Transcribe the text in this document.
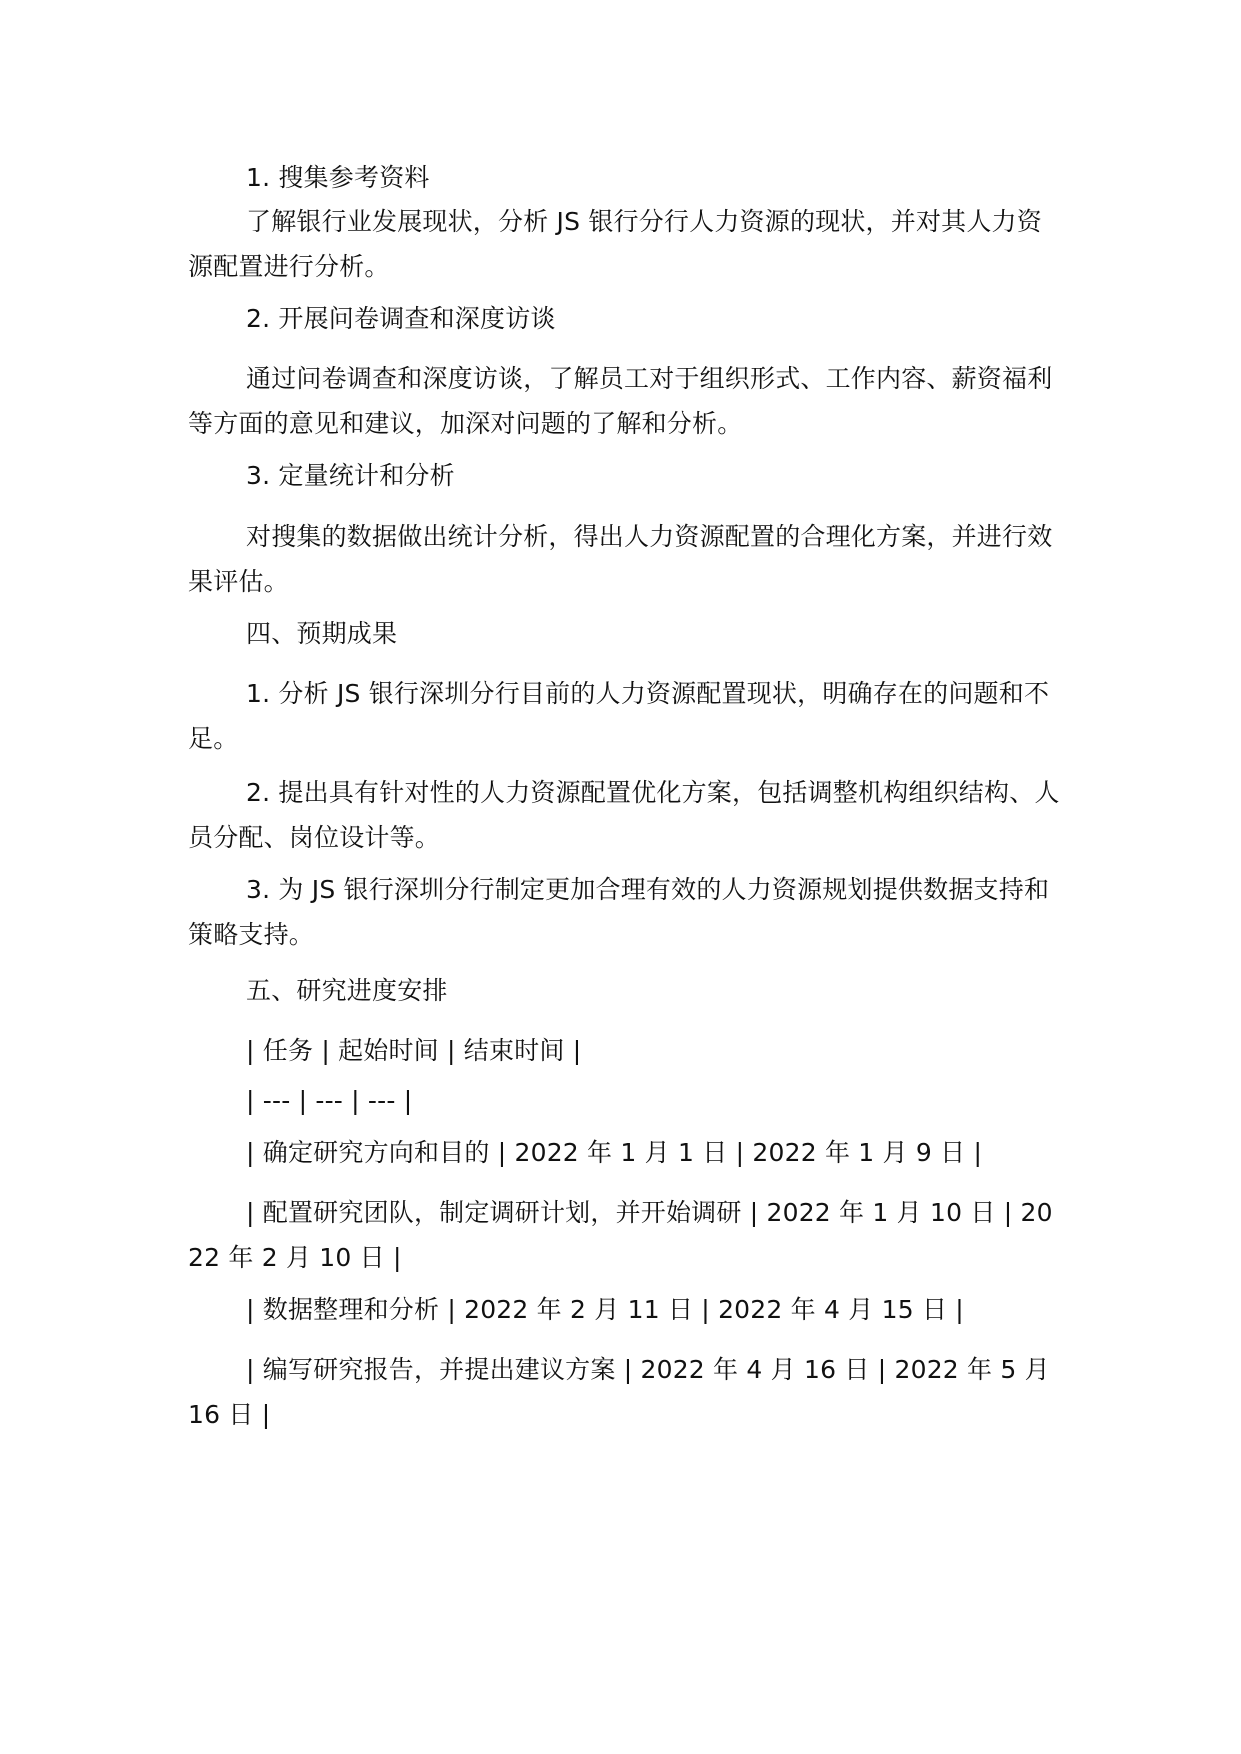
1. 搜集参考资料

了解银行业发展现状，分析 JS 银行分行人力资源的现状，并对其人力资源配置进行分析。

2. 开展问卷调查和深度访谈

通过问卷调查和深度访谈，了解员工对于组织形式、工作内容、薪资福利等方面的意见和建议，加深对问题的了解和分析。

3. 定量统计和分析

对搜集的数据做出统计分析，得出人力资源配置的合理化方案，并进行效果评估。

四、预期成果

1. 分析 JS 银行深圳分行目前的人力资源配置现状，明确存在的问题和不足。

2. 提出具有针对性的人力资源配置优化方案，包括调整机构组织结构、人员分配、岗位设计等。

3. 为 JS 银行深圳分行制定更加合理有效的人力资源规划提供数据支持和策略支持。

五、研究进度安排

| 任务 | 起始时间 | 结束时间 |

| --- | --- | --- |

| 确定研究方向和目的 | 2022 年 1 月 1 日 | 2022 年 1 月 9 日 |

| 配置研究团队，制定调研计划，并开始调研 | 2022 年 1 月 10 日 | 2022 年 2 月 10 日 |

| 数据整理和分析 | 2022 年 2 月 11 日 | 2022 年 4 月 15 日 |

| 编写研究报告，并提出建议方案 | 2022 年 4 月 16 日 | 2022 年 5 月 16 日 |
